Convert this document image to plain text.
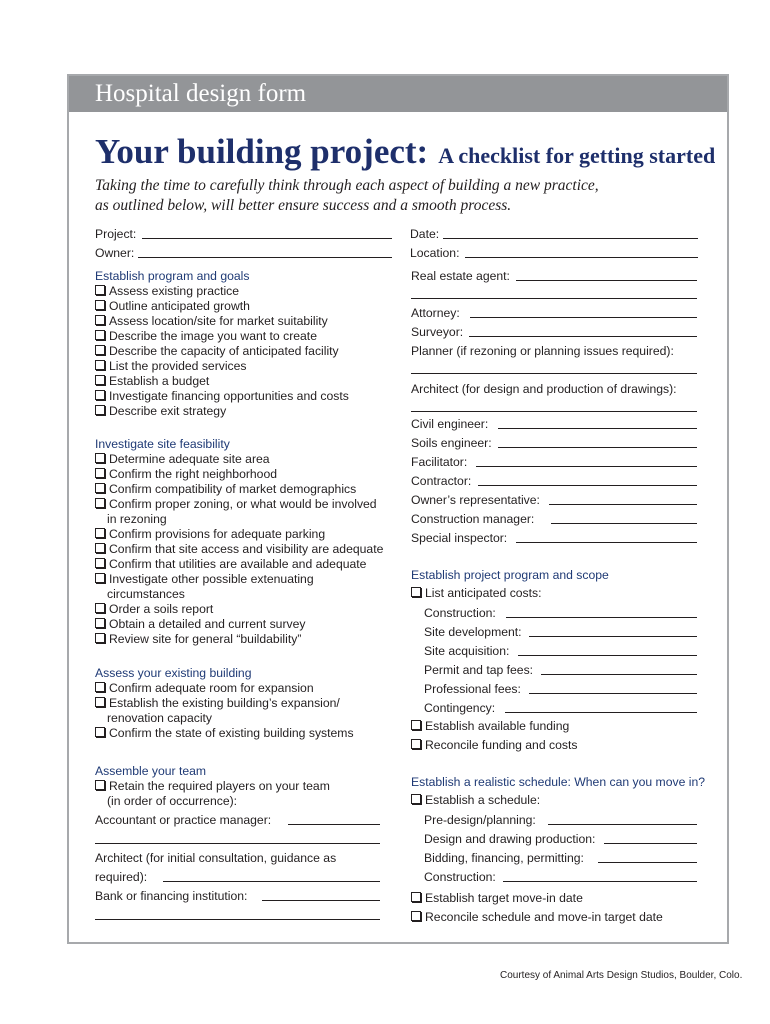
Hospital design form
Your building project: A checklist for getting started
Taking the time to carefully think through each aspect of building a new practice,
as outlined below, will better ensure success and a smooth process.
Project:
Owner:
Date:
Location:
Establish program and goals
Assess existing practice
Outline anticipated growth
Assess location/site for market suitability
Describe the image you want to create
Describe the capacity of anticipated facility
List the provided services
Establish a budget
Investigate financing opportunities and costs
Describe exit strategy
Investigate site feasibility
Determine adequate site area
Confirm the right neighborhood
Confirm compatibility of market demographics
Confirm proper zoning, or what would be involved
in rezoning
Confirm provisions for adequate parking
Confirm that site access and visibility are adequate
Confirm that utilities are available and adequate
Investigate other possible extenuating
circumstances
Order a soils report
Obtain a detailed and current survey
Review site for general “buildability”
Assess your existing building
Confirm adequate room for expansion
Establish the existing building’s expansion/
renovation capacity
Confirm the state of existing building systems
Assemble your team
Retain the required players on your team
(in order of occurrence):
Accountant or practice manager:
Architect (for initial consultation, guidance as
required):
Bank or financing institution:
Real estate agent:
Attorney:
Surveyor:
Planner (if rezoning or planning issues required):
Architect (for design and production of drawings):
Civil engineer:
Soils engineer:
Facilitator:
Contractor:
Owner’s representative:
Construction manager:
Special inspector:
Establish project program and scope
List anticipated costs:
Construction:
Site development:
Site acquisition:
Permit and tap fees:
Professional fees:
Contingency:
Establish available funding
Reconcile funding and costs
Establish a realistic schedule: When can you move in?
Establish a schedule:
Pre-design/planning:
Design and drawing production:
Bidding, financing, permitting:
Construction:
Establish target move-in date
Reconcile schedule and move-in target date
Courtesy of Animal Arts Design Studios, Boulder, Colo.
